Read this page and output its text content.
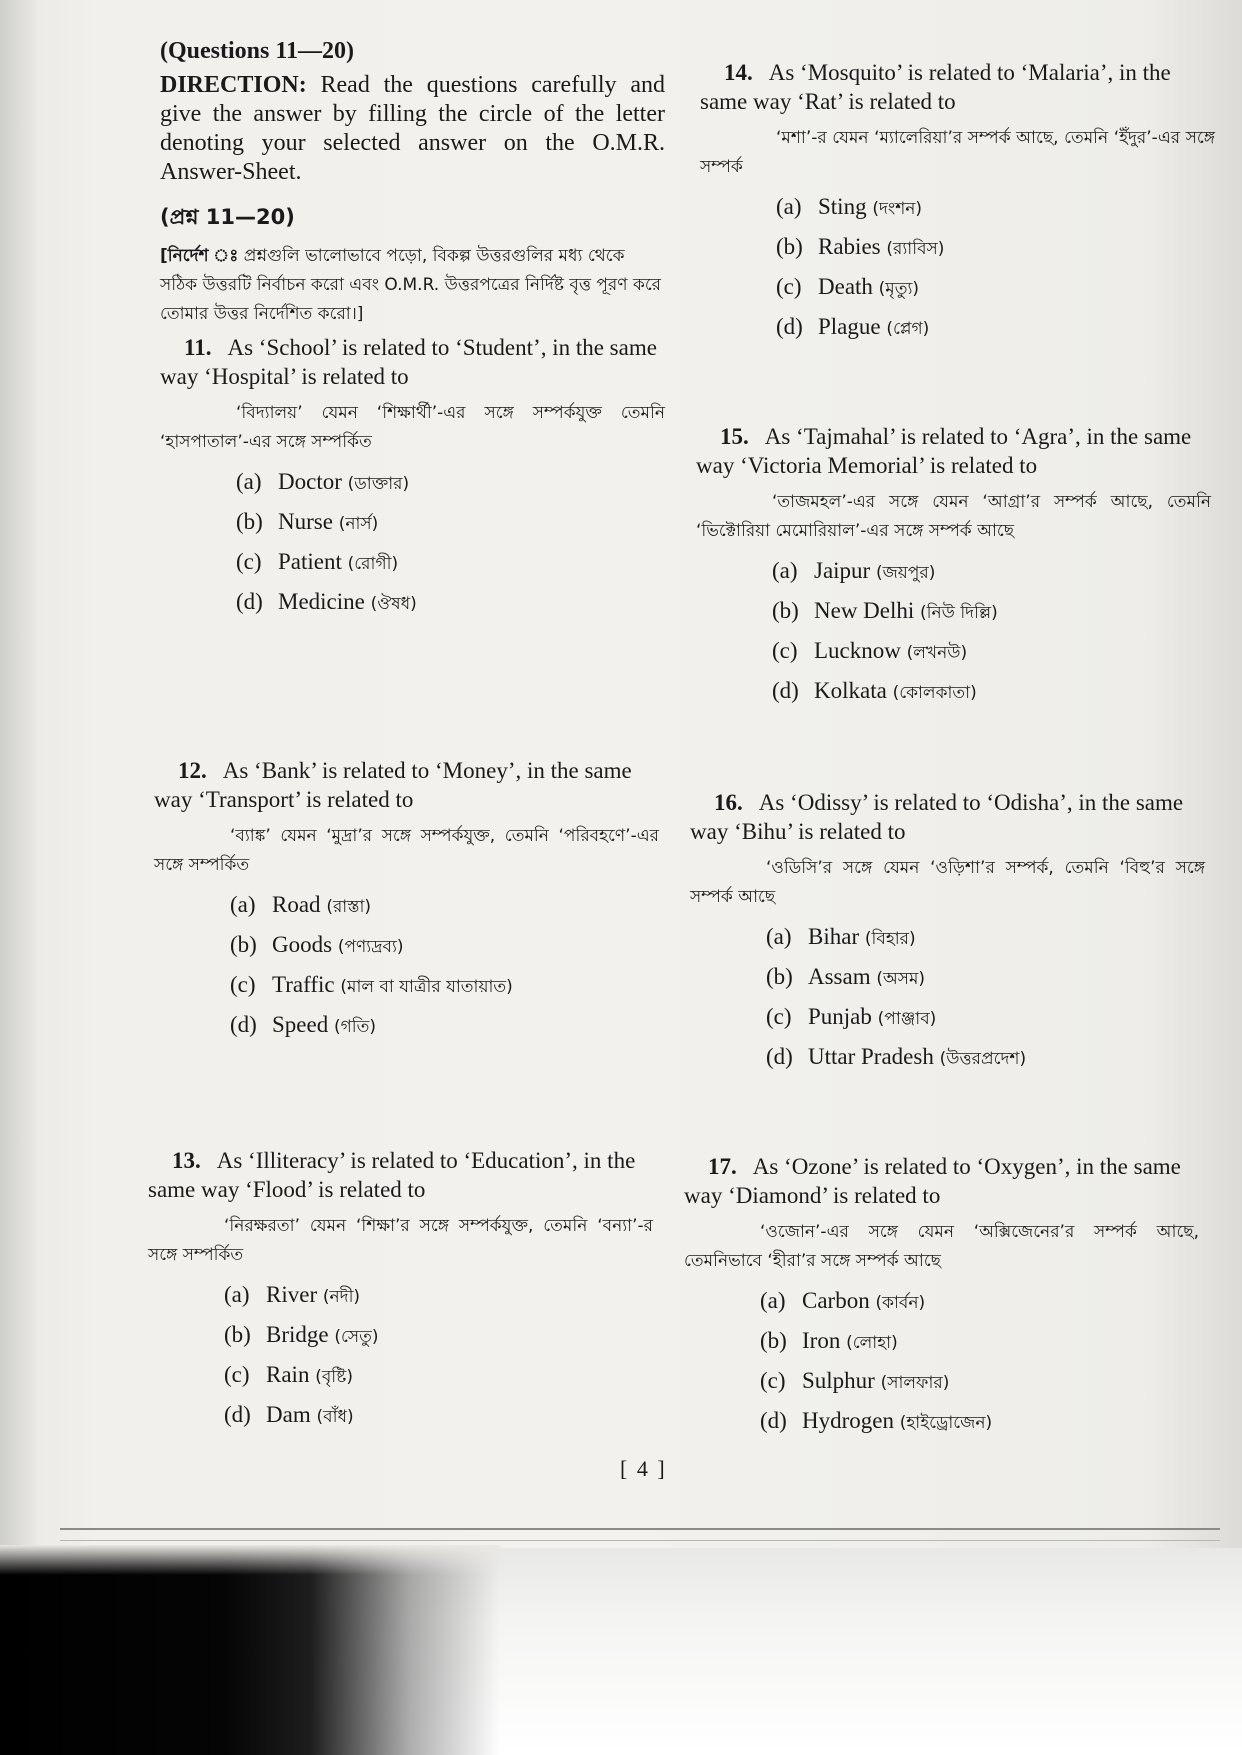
(Questions 11—20)

DIRECTION: Read the questions carefully and give the answer by filling the circle of the letter denoting your selected answer on the O.M.R. Answer-Sheet.

(প্রশ্ন 11—20)

[নির্দেশ ঃ প্রশ্নগুলি ভালোভাবে পড়ো, বিকল্প উত্তরগুলির মধ্য থেকে সঠিক উত্তরটি নির্বাচন করো এবং O.M.R. উত্তরপত্রের নির্দিষ্ট বৃত্ত পূরণ করে তোমার উত্তর নির্দেশিত করো।]

11. As ‘School’ is related to ‘Student’, in the same way ‘Hospital’ is related to

‘বিদ্যালয়’ যেমন ‘শিক্ষার্থী’-এর সঙ্গে সম্পর্কযুক্ত তেমনি ‘হাসপাতাল’-এর সঙ্গে সম্পর্কিত

(a) Doctor (ডাক্তার)
(b) Nurse (নার্স)
(c) Patient (রোগী)
(d) Medicine (ঔষধ)

12. As ‘Bank’ is related to ‘Money’, in the same way ‘Transport’ is related to

‘ব্যাঙ্ক’ যেমন ‘মুদ্রা’র সঙ্গে সম্পর্কযুক্ত, তেমনি ‘পরিবহণে’-এর সঙ্গে সম্পর্কিত

(a) Road (রাস্তা)
(b) Goods (পণ্যদ্রব্য)
(c) Traffic (মাল বা যাত্রীর যাতায়াত)
(d) Speed (গতি)

13. As ‘Illiteracy’ is related to ‘Education’, in the same way ‘Flood’ is related to

‘নিরক্ষরতা’ যেমন ‘শিক্ষা’র সঙ্গে সম্পর্কযুক্ত, তেমনি ‘বন্যা’-র সঙ্গে সম্পর্কিত

(a) River (নদী)
(b) Bridge (সেতু)
(c) Rain (বৃষ্টি)
(d) Dam (বাঁধ)

14. As ‘Mosquito’ is related to ‘Malaria’, in the same way ‘Rat’ is related to

‘মশা’-র যেমন ‘ম্যালেরিয়া’র সম্পর্ক আছে, তেমনি ‘ইঁদুর’-এর সঙ্গে সম্পর্ক

(a) Sting (দংশন)
(b) Rabies (র‍্যাবিস)
(c) Death (মৃত্যু)
(d) Plague (প্লেগ)

15. As ‘Tajmahal’ is related to ‘Agra’, in the same way ‘Victoria Memorial’ is related to

‘তাজমহল’-এর সঙ্গে যেমন ‘আগ্রা’র সম্পর্ক আছে, তেমনি ‘ভিক্টোরিয়া মেমোরিয়াল’-এর সঙ্গে সম্পর্ক আছে

(a) Jaipur (জয়পুর)
(b) New Delhi (নিউ দিল্লি)
(c) Lucknow (লখনউ)
(d) Kolkata (কোলকাতা)

16. As ‘Odissy’ is related to ‘Odisha’, in the same way ‘Bihu’ is related to

‘ওডিসি’র সঙ্গে যেমন ‘ওড়িশা’র সম্পর্ক, তেমনি ‘বিহু’র সঙ্গে সম্পর্ক আছে

(a) Bihar (বিহার)
(b) Assam (অসম)
(c) Punjab (পাঞ্জাব)
(d) Uttar Pradesh (উত্তরপ্রদেশ)

17. As ‘Ozone’ is related to ‘Oxygen’, in the same way ‘Diamond’ is related to

‘ওজোন’-এর সঙ্গে যেমন ‘অক্সিজেনের’র সম্পর্ক আছে, তেমনিভাবে ‘হীরা’র সঙ্গে সম্পর্ক আছে

(a) Carbon (কার্বন)
(b) Iron (লোহা)
(c) Sulphur (সালফার)
(d) Hydrogen (হাইড্রোজেন)
[ 4 ]
